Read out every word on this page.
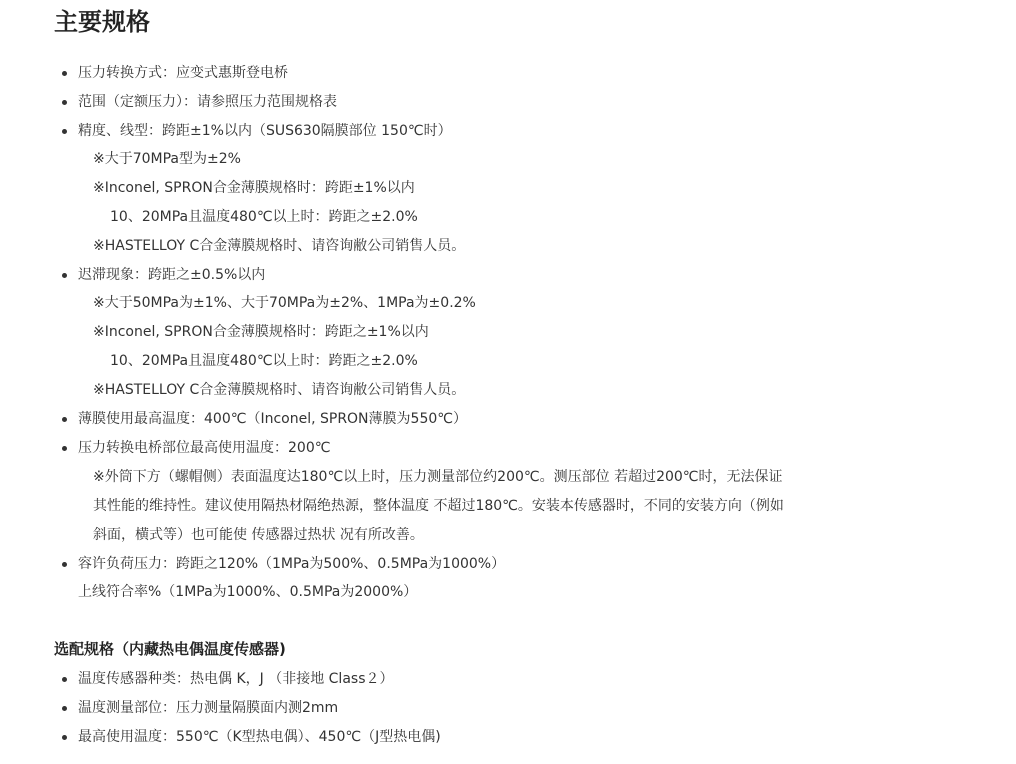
主要规格
压力转换方式：应变式惠斯登电桥
范围（定额压力）：请参照压力范围规格表
精度、线型：跨距±1%以内（SUS630隔膜部位 150℃时）
※大于70MPa型为±2%
※Inconel, SPRON合金薄膜规格时：跨距±1%以内
10、20MPa且温度480℃以上时：跨距之±2.0%
※HASTELLOY C合金薄膜规格时、请咨询敝公司销售人员。
迟滞现象：跨距之±0.5%以内
※大于50MPa为±1%、大于70MPa为±2%、1MPa为±0.2%
※Inconel, SPRON合金薄膜规格时：跨距之±1%以内
10、20MPa且温度480℃以上时：跨距之±2.0%
※HASTELLOY C合金薄膜规格时、请咨询敝公司销售人员。
薄膜使用最高温度：400℃（Inconel, SPRON薄膜为550℃）
压力转换电桥部位最高使用温度：200℃
※外筒下方（螺帽侧）表面温度达180℃以上时，压力测量部位约200℃。测压部位 若超过200℃时，无法保证
其性能的维持性。建议使用隔热材隔绝热源，整体温度 不超过180℃。安装本传感器时，不同的安装方向（例如
斜面，横式等）也可能使 传感器过热状 况有所改善。
容许负荷压力：跨距之120%（1MPa为500%、0.5MPa为1000%）
上线符合率%（1MPa为1000%、0.5MPa为2000%）
选配规格（内藏热电偶温度传感器)
温度传感器种类：热电偶 K，J （非接地 Class２）
温度测量部位：压力测量隔膜面内测2mm
最高使用温度：550℃（K型热电偶）、450℃（J型热电偶)
